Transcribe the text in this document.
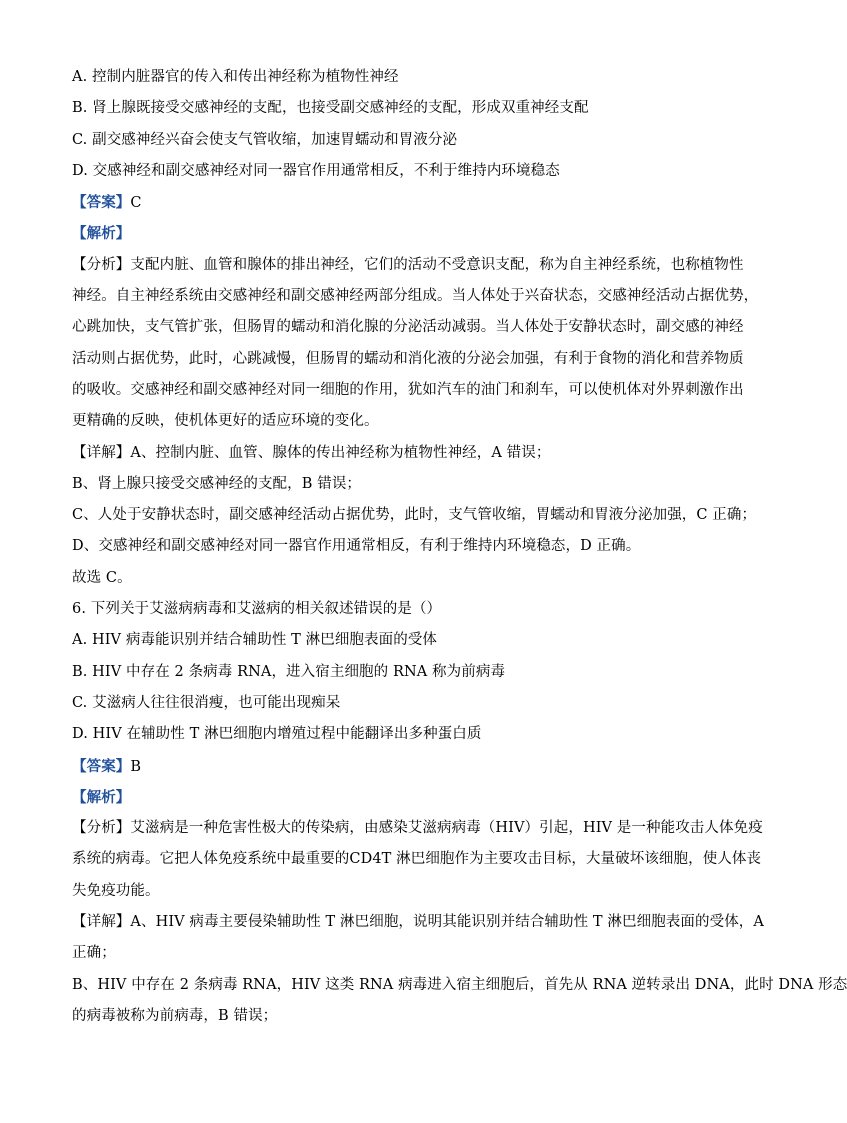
A. 控制内脏器官的传入和传出神经称为植物性神经
B. 肾上腺既接受交感神经的支配，也接受副交感神经的支配，形成双重神经支配
C. 副交感神经兴奋会使支气管收缩，加速胃蠕动和胃液分泌
D. 交感神经和副交感神经对同一器官作用通常相反，不利于维持内环境稳态
【答案】C
【解析】
【分析】支配内脏、血管和腺体的排出神经，它们的活动不受意识支配，称为自主神经系统，也称植物性
神经。自主神经系统由交感神经和副交感神经两部分组成。当人体处于兴奋状态，交感神经活动占据优势，
心跳加快，支气管扩张，但肠胃的蠕动和消化腺的分泌活动减弱。当人体处于安静状态时，副交感的神经
活动则占据优势，此时，心跳减慢，但肠胃的蠕动和消化液的分泌会加强，有利于食物的消化和营养物质
的吸收。交感神经和副交感神经对同一细胞的作用，犹如汽车的油门和刹车，可以使机体对外界刺激作出
更精确的反映，使机体更好的适应环境的变化。
【详解】A、控制内脏、血管、腺体的传出神经称为植物性神经，A 错误；
B、肾上腺只接受交感神经的支配，B 错误；
C、人处于安静状态时，副交感神经活动占据优势，此时，支气管收缩，胃蠕动和胃液分泌加强，C 正确；
D、交感神经和副交感神经对同一器官作用通常相反，有利于维持内环境稳态，D 正确。
故选 C。
6. 下列关于艾滋病病毒和艾滋病的相关叙述错误的是（）
A. HIV 病毒能识别并结合辅助性 T 淋巴细胞表面的受体
B. HIV 中存在 2 条病毒 RNA，进入宿主细胞的 RNA 称为前病毒
C. 艾滋病人往往很消瘦，也可能出现痴呆
D. HIV 在辅助性 T 淋巴细胞内增殖过程中能翻译出多种蛋白质
【答案】B
【解析】
【分析】艾滋病是一种危害性极大的传染病，由感染艾滋病病毒（HIV）引起，HIV 是一种能攻击人体免疫
系统的病毒。它把人体免疫系统中最重要的CD4T 淋巴细胞作为主要攻击目标，大量破坏该细胞，使人体丧
失免疫功能。
【详解】A、HIV 病毒主要侵染辅助性 T 淋巴细胞，说明其能识别并结合辅助性 T 淋巴细胞表面的受体，A
正确；
B、HIV 中存在 2 条病毒 RNA，HIV 这类 RNA 病毒进入宿主细胞后，首先从 RNA 逆转录出 DNA，此时 DNA 形态
的病毒被称为前病毒，B 错误；
